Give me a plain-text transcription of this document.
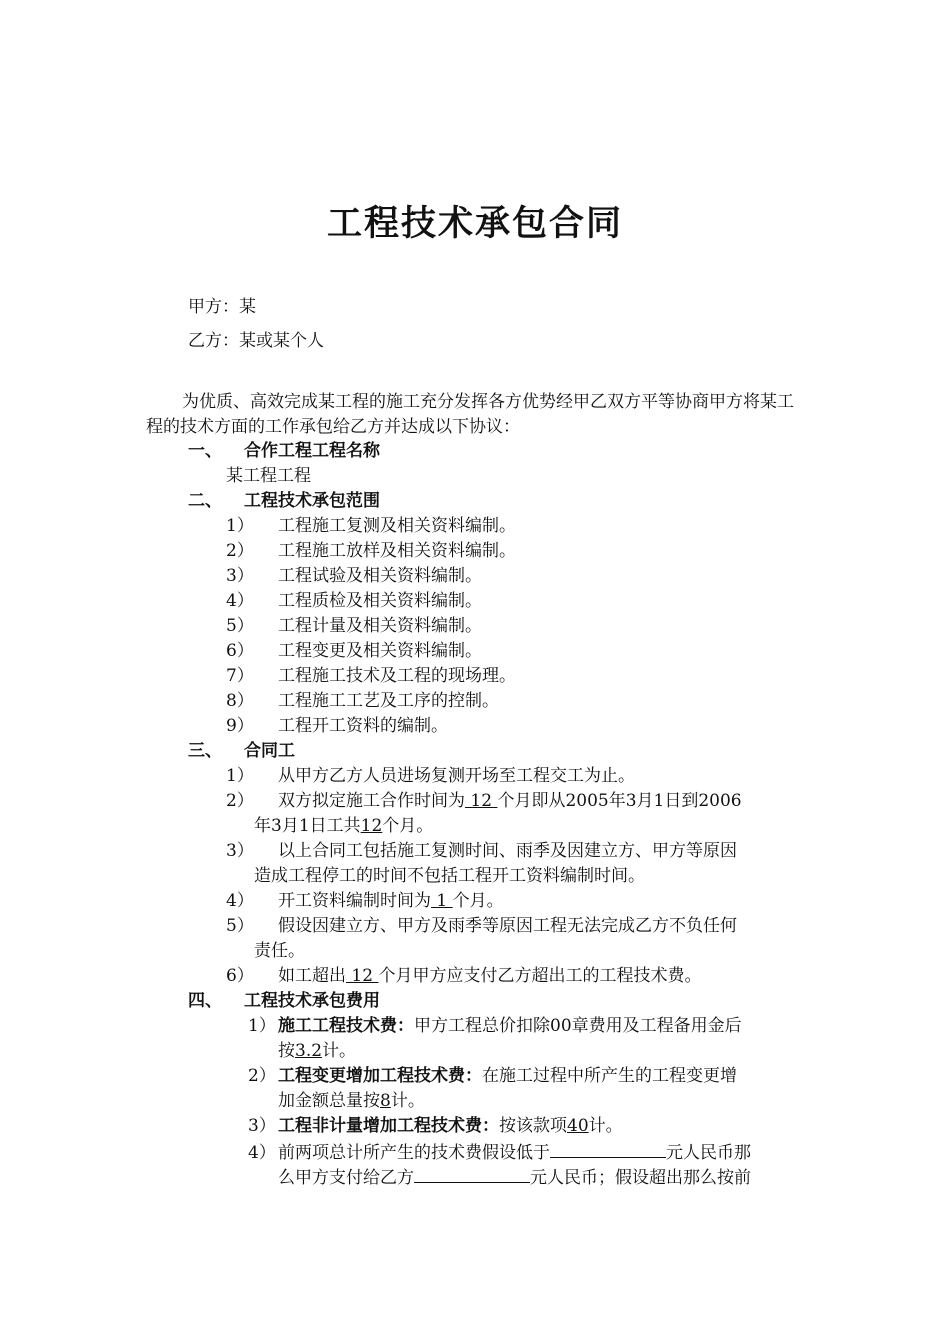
工程技术承包合同
甲方：某
乙方：某或某个人
为优质、高效完成某工程的施工充分发挥各方优势经甲乙双方平等协商甲方将某工程的技术方面的工作承包给乙方并达成以下协议：
一、 合作工程工程名称
某工程工程
二、 工程技术承包范围
1） 工程施工复测及相关资料编制。
2） 工程施工放样及相关资料编制。
3） 工程试验及相关资料编制。
4） 工程质检及相关资料编制。
5） 工程计量及相关资料编制。
6） 工程变更及相关资料编制。
7） 工程施工技术及工程的现场理。
8） 工程施工工艺及工序的控制。
9） 工程开工资料的编制。
三、 合同工
1） 从甲方乙方人员进场复测开场至工程交工为止。
2） 双方拟定施工合作时间为 12 个月即从2005年3月1日到2006
年3月1日工共12个月。
3） 以上合同工包括施工复测时间、雨季及因建立方、甲方等原因
造成工程停工的时间不包括工程开工资料编制时间。
4） 开工资料编制时间为 1 个月。
5） 假设因建立方、甲方及雨季等原因工程无法完成乙方不负任何
责任。
6） 如工超出 12 个月甲方应支付乙方超出工的工程技术费。
四、 工程技术承包费用
1） 施工工程技术费：甲方工程总价扣除00章费用及工程备用金后
按3.2计。
2） 工程变更增加工程技术费：在施工过程中所产生的工程变更增
加金额总量按8计。
3） 工程非计量增加工程技术费：按该款项40计。
4） 前两项总计所产生的技术费假设低于	元人民币那
么甲方支付给乙方	元人民币；假设超出那么按前
